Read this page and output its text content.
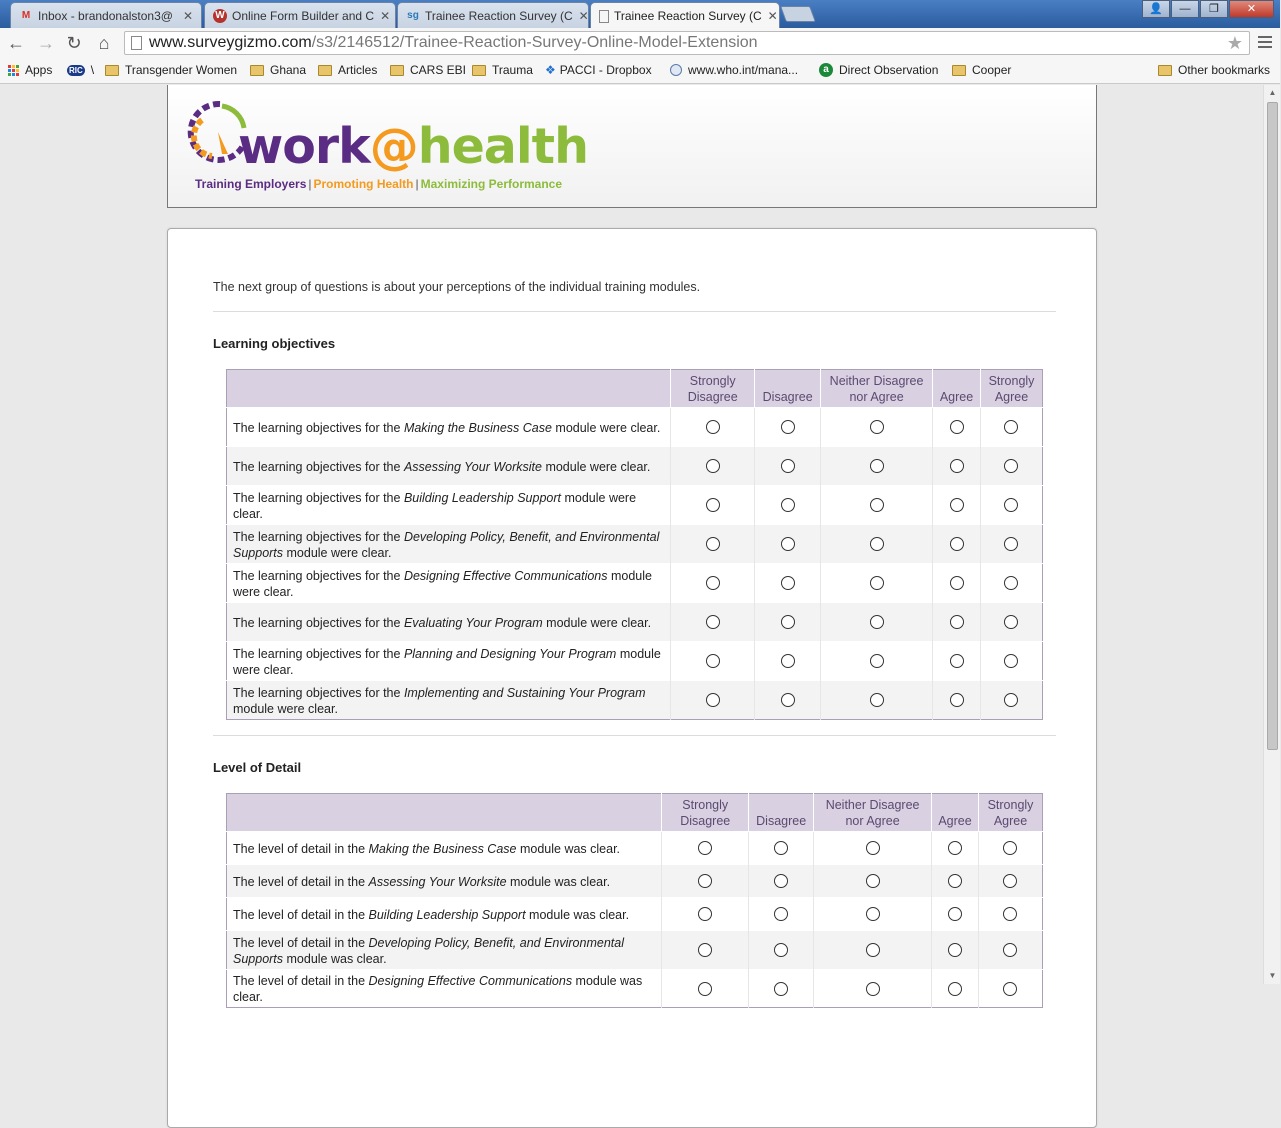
M Inbox - brandonalston3@ ✕ W Online Form Builder and C ✕ sg Trainee Reaction Survey (C ✕ Trainee Reaction Survey (C ✕	👤	—	❐	✕
← → ↻ ⌂	www.surveygizmo.com/s3/2146512/Trainee-Reaction-Survey-Online-Model-Extension	★
Apps RIC \	Transgender Women	Ghana	Articles	CARS EBI Trauma ❖ PACCI - Dropbox	www.who.int/mana...	a Direct Observation	Cooper	Other bookmarks
work@health
Training Employers | Promoting Health | Maximizing Performance
The next group of questions is about your perceptions of the individual training modules.
Learning objectives
	Strongly Disagree	Disagree	Neither Disagree nor Agree	Agree	Strongly Agree
The learning objectives for the Making the Business Case module were clear.					
The learning objectives for the Assessing Your Worksite module were clear.					
The learning objectives for the Building Leadership Support module were clear.					
The learning objectives for the Developing Policy, Benefit, and Environmental Supports module were clear.					
The learning objectives for the Designing Effective Communications module were clear.					
The learning objectives for the Evaluating Your Program module were clear.					
The learning objectives for the Planning and Designing Your Program module were clear.					
The learning objectives for the Implementing and Sustaining Your Program module were clear.					
Level of Detail
	Strongly Disagree	Disagree	Neither Disagree nor Agree	Agree	Strongly Agree
The level of detail in the Making the Business Case module was clear.					
The level of detail in the Assessing Your Worksite module was clear.					
The level of detail in the Building Leadership Support module was clear.					
The level of detail in the Developing Policy, Benefit, and Environmental Supports module was clear.					
The level of detail in the Designing Effective Communications module was clear.					
▲
▼
